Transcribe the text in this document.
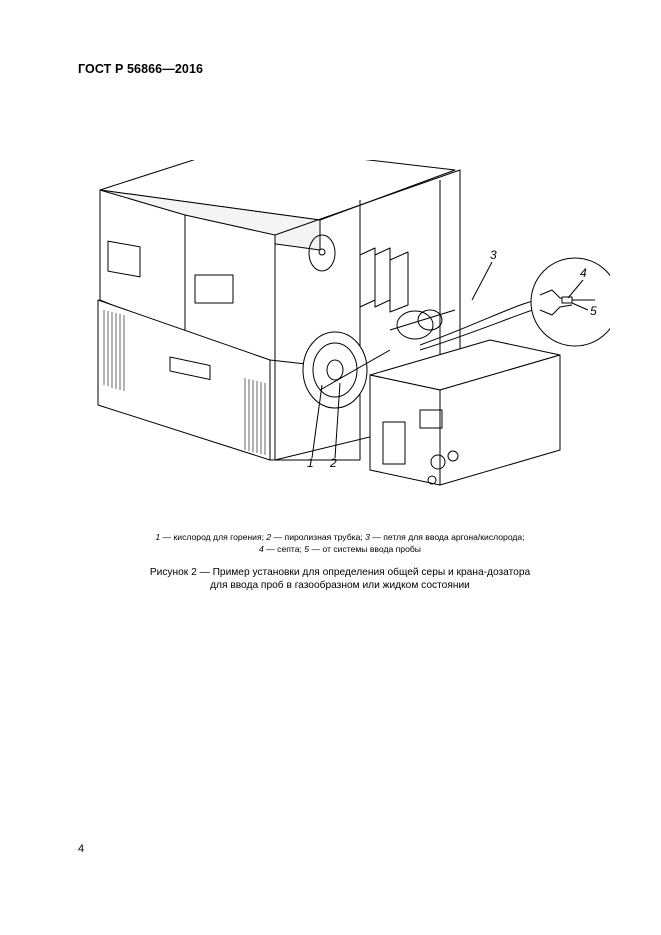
ГОСТ Р 56866—2016
1 2
3
4
5
1 — кислород для горения; 2 — пиролизная трубка; 3 — петля для ввода аргона/кислорода;
4 — септа; 5 — от системы ввода пробы
Рисунок 2 — Пример установки для определения общей серы и крана-дозатора
для ввода проб в газообразном или жидком состоянии
4
